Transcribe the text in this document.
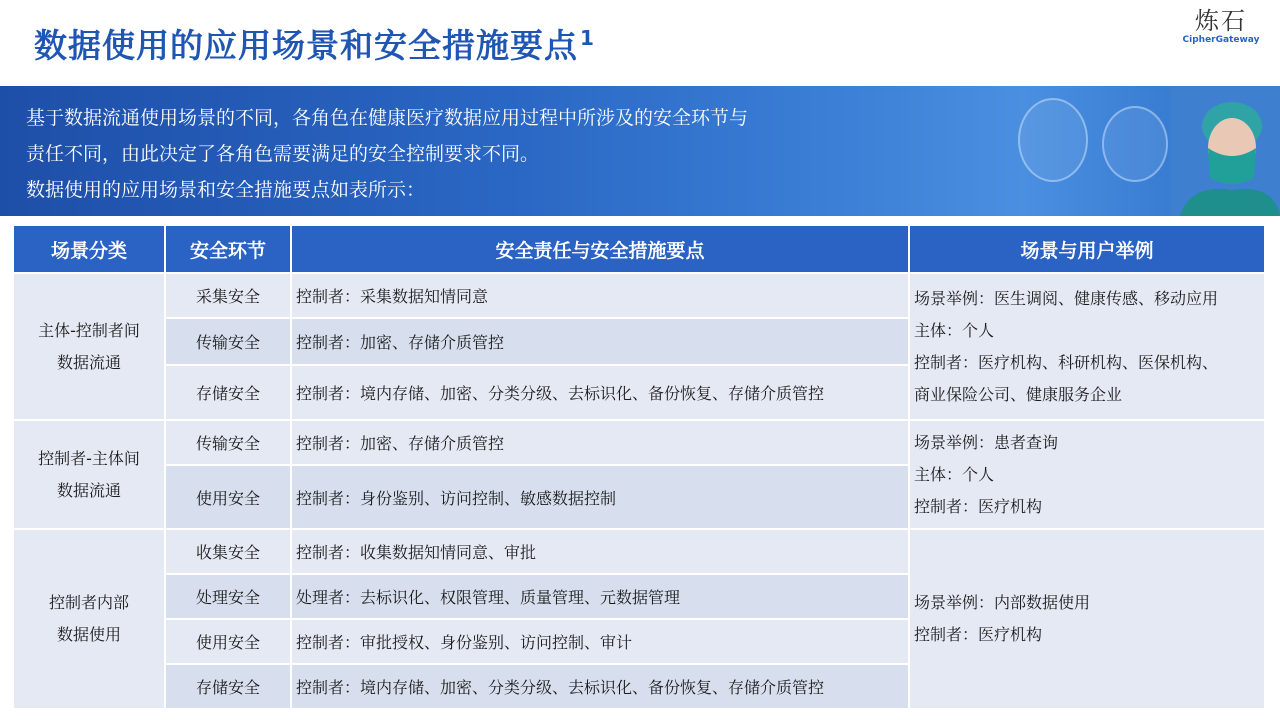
数据使用的应用场景和安全措施要点 $^1$
炼石
CipherGateway
基于数据流通使用场景的不同，各角色在健康医疗数据应用过程中所涉及的安全环节与
责任不同，由此决定了各角色需要满足的安全控制要求不同。
数据使用的应用场景和安全措施要点如表所示：
场景分类	安全环节	安全责任与安全措施要点	场景与用户举例
主体-控制者间
数据流通	采集安全	控制者：采集数据知情同意	场景举例：医生调阅、健康传感、移动应用
主体：个人
控制者：医疗机构、科研机构、医保机构、
商业保险公司、健康服务企业

	传输安全	控制者：加密、存储介质管控	
	存储安全	控制者：境内存储、加密、分类分级、去标识化、备份恢复、存储介质管控	
控制者-主体间
数据流通	传输安全	控制者：加密、存储介质管控	场景举例：患者查询
主体：个人
控制者：医疗机构

	使用安全	控制者：身份鉴别、访问控制、敏感数据控制	
控制者内部
数据使用	收集安全	控制者：收集数据知情同意、审批	场景举例：内部数据使用
控制者：医疗机构

	处理安全	处理者：去标识化、权限管理、质量管理、元数据管理	
	使用安全	控制者：审批授权、身份鉴别、访问控制、审计	
	存储安全	控制者：境内存储、加密、分类分级、去标识化、备份恢复、存储介质管控	
